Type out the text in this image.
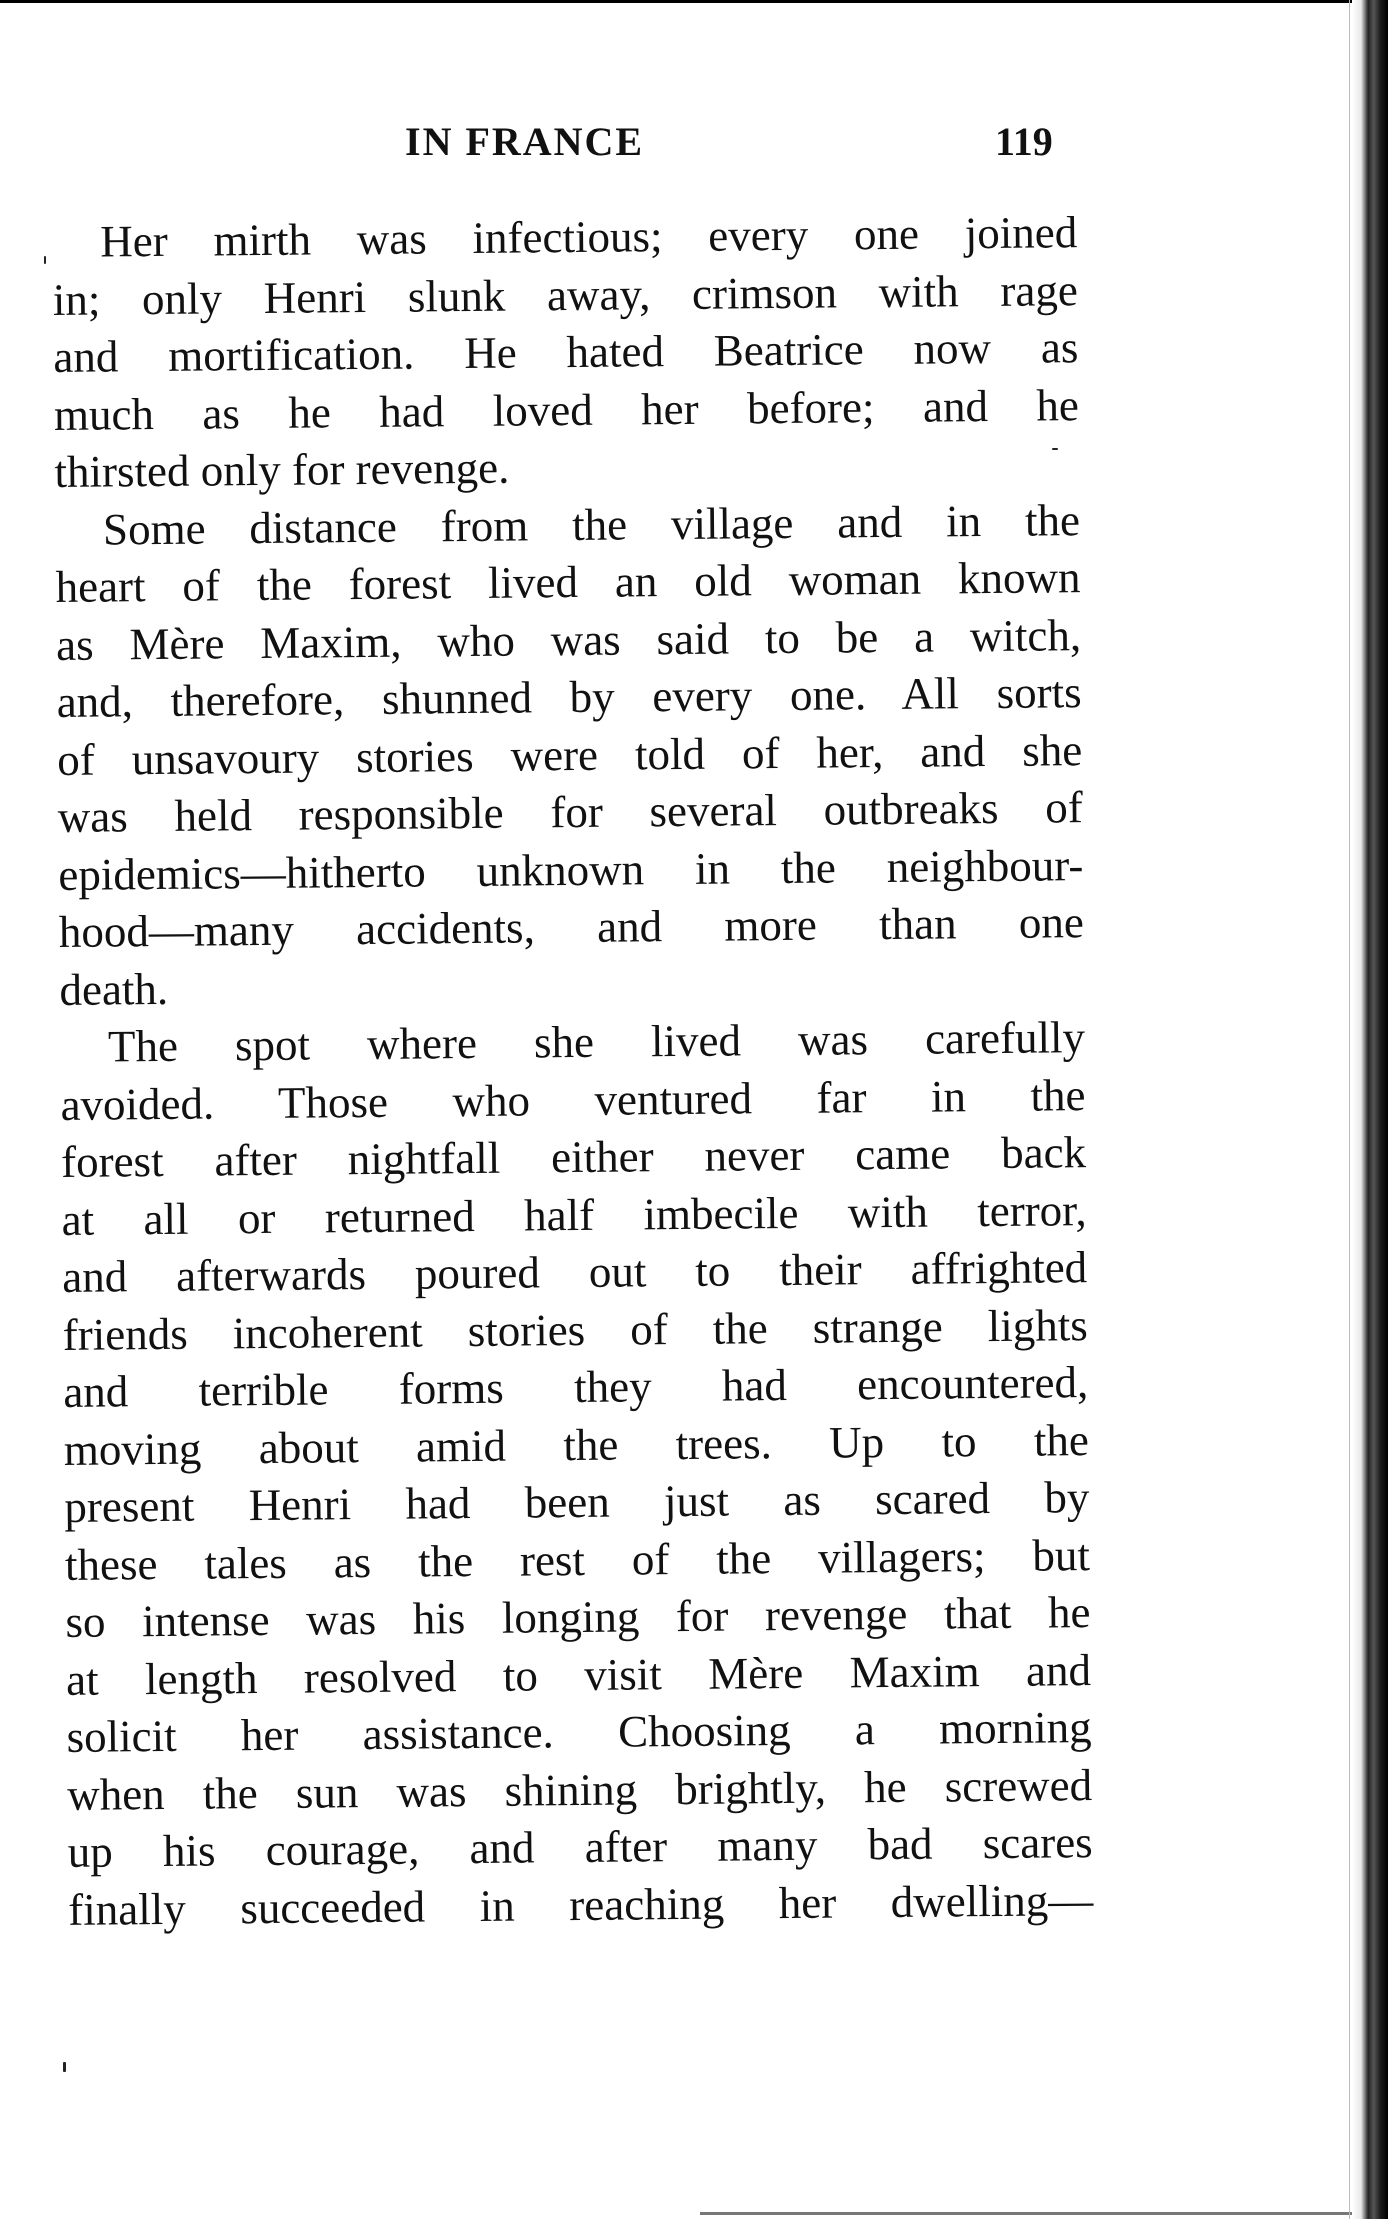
IN FRANCE	119
Her mirth was infectious; every one joined
in; only Henri slunk away, crimson with rage
and mortification. He hated Beatrice now as
much as he had loved her before; and he
thirsted only for revenge.
Some distance from the village and in the
heart of the forest lived an old woman known
as Mère Maxim, who was said to be a witch,
and, therefore, shunned by every one. All sorts
of unsavoury stories were told of her, and she
was held responsible for several outbreaks of
epidemics—hitherto unknown in the neighbour-
hood—many accidents, and more than one
death.
The spot where she lived was carefully
avoided. Those who ventured far in the
forest after nightfall either never came back
at all or returned half imbecile with terror,
and afterwards poured out to their affrighted
friends incoherent stories of the strange lights
and terrible forms they had encountered,
moving about amid the trees. Up to the
present Henri had been just as scared by
these tales as the rest of the villagers; but
so intense was his longing for revenge that he
at length resolved to visit Mère Maxim and
solicit her assistance. Choosing a morning
when the sun was shining brightly, he screwed
up his courage, and after many bad scares
finally succeeded in reaching her dwelling—
